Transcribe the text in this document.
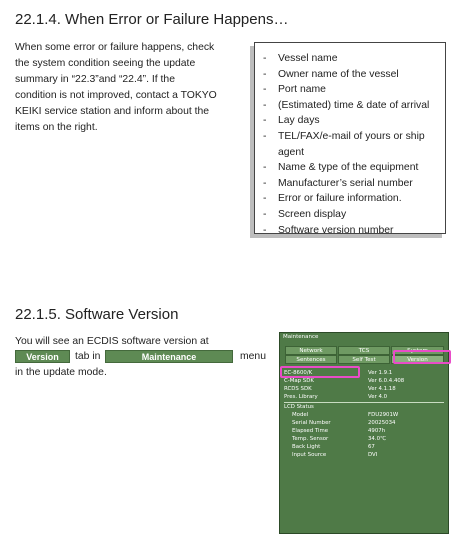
22.1.4. When Error or Failure Happens…
When some error or failure happens, check
the system condition seeing the update
summary in “22.3”and “22.4”. If the
condition is not improved, contact a TOKYO
KEIKI service station and inform about the
items on the right.
- Vessel name
- Owner name of the vessel
- Port name
- (Estimated) time & date of arrival
- Lay days
- TEL/FAX/e-mail of yours or ship
agent
- Name & type of the equipment
- Manufacturer’s serial number
- Error or failure information.
- Screen display
- Software version number
22.1.5. Software Version
You will see an ECDIS software version at
Version	tab in	Maintenance	menu
in the update mode.
Maintenance
Network	TCS	System
Sentences	Self Test	Version
EC-8600/K	Ver 1.9.1
C-Map SDK	Ver 6.0.4.408
RCDS SDK	Ver 4.1.18
Pres. Library	Ver 4.0
LCD Status
Model	FDU2901W
Serial Number	20025034
Elapsed Time	4907h
Temp. Sensor	34.0℃
Back Light	67
Input Source	DVI
